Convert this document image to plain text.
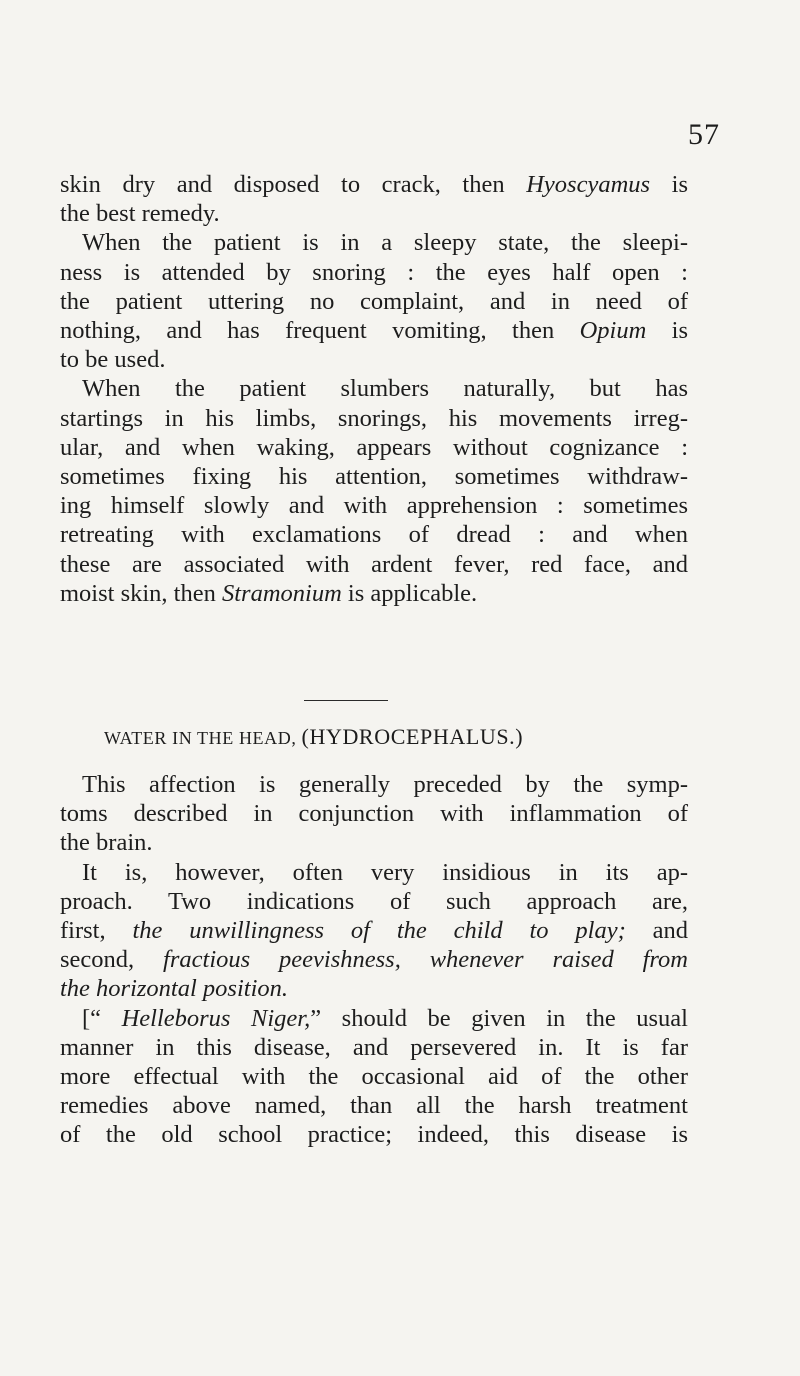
57
skin dry and disposed to crack, then Hyoscyamus is
the best remedy.
When the patient is in a sleepy state, the sleepi-
ness is attended by snoring : the eyes half open :
the patient uttering no complaint, and in need of
nothing, and has frequent vomiting, then Opium is
to be used.
When the patient slumbers naturally, but has
startings in his limbs, snorings, his movements irreg-
ular, and when waking, appears without cognizance :
sometimes fixing his attention, sometimes withdraw-
ing himself slowly and with apprehension : sometimes
retreating with exclamations of dread : and when
these are associated with ardent fever, red face, and
moist skin, then Stramonium is applicable.
WATER IN THE HEAD, (HYDROCEPHALUS.)
This affection is generally preceded by the symp-
toms described in conjunction with inflammation of
the brain.
It is, however, often very insidious in its ap-
proach. Two indications of such approach are,
first, the unwillingness of the child to play; and
second, fractious peevishness, whenever raised from
the horizontal position.
[“ Helleborus Niger,” should be given in the usual
manner in this disease, and persevered in. It is far
more effectual with the occasional aid of the other
remedies above named, than all the harsh treatment
of the old school practice; indeed, this disease is
